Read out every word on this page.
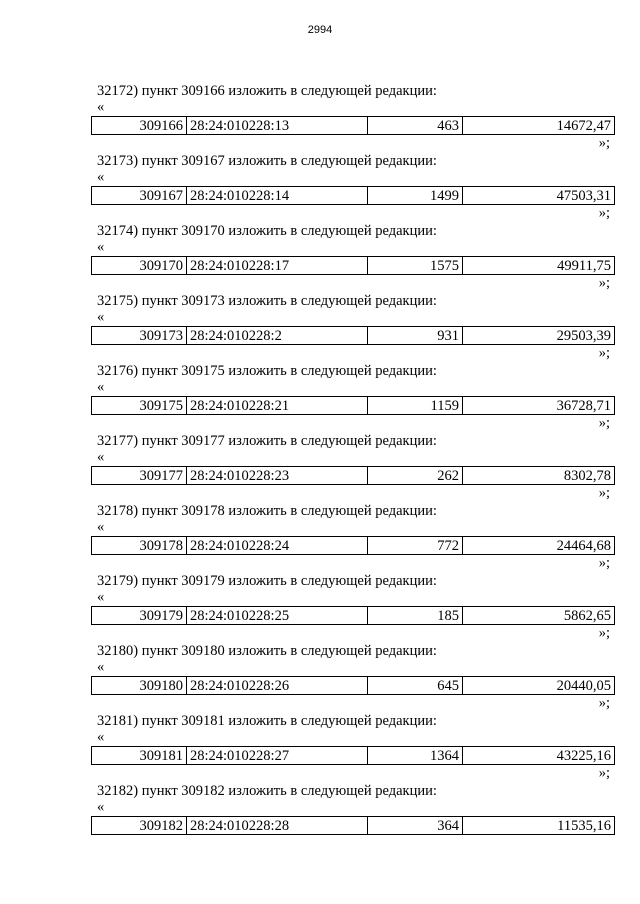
2994
32172) пункт 309166 изложить в следующей редакции:
«
309166	28:24:010228:13	463	14672,47
»;
32173) пункт 309167 изложить в следующей редакции:
«
309167	28:24:010228:14	1499	47503,31
»;
32174) пункт 309170 изложить в следующей редакции:
«
309170	28:24:010228:17	1575	49911,75
»;
32175) пункт 309173 изложить в следующей редакции:
«
309173	28:24:010228:2	931	29503,39
»;
32176) пункт 309175 изложить в следующей редакции:
«
309175	28:24:010228:21	1159	36728,71
»;
32177) пункт 309177 изложить в следующей редакции:
«
309177	28:24:010228:23	262	8302,78
»;
32178) пункт 309178 изложить в следующей редакции:
«
309178	28:24:010228:24	772	24464,68
»;
32179) пункт 309179 изложить в следующей редакции:
«
309179	28:24:010228:25	185	5862,65
»;
32180) пункт 309180 изложить в следующей редакции:
«
309180	28:24:010228:26	645	20440,05
»;
32181) пункт 309181 изложить в следующей редакции:
«
309181	28:24:010228:27	1364	43225,16
»;
32182) пункт 309182 изложить в следующей редакции:
«
309182	28:24:010228:28	364	11535,16
